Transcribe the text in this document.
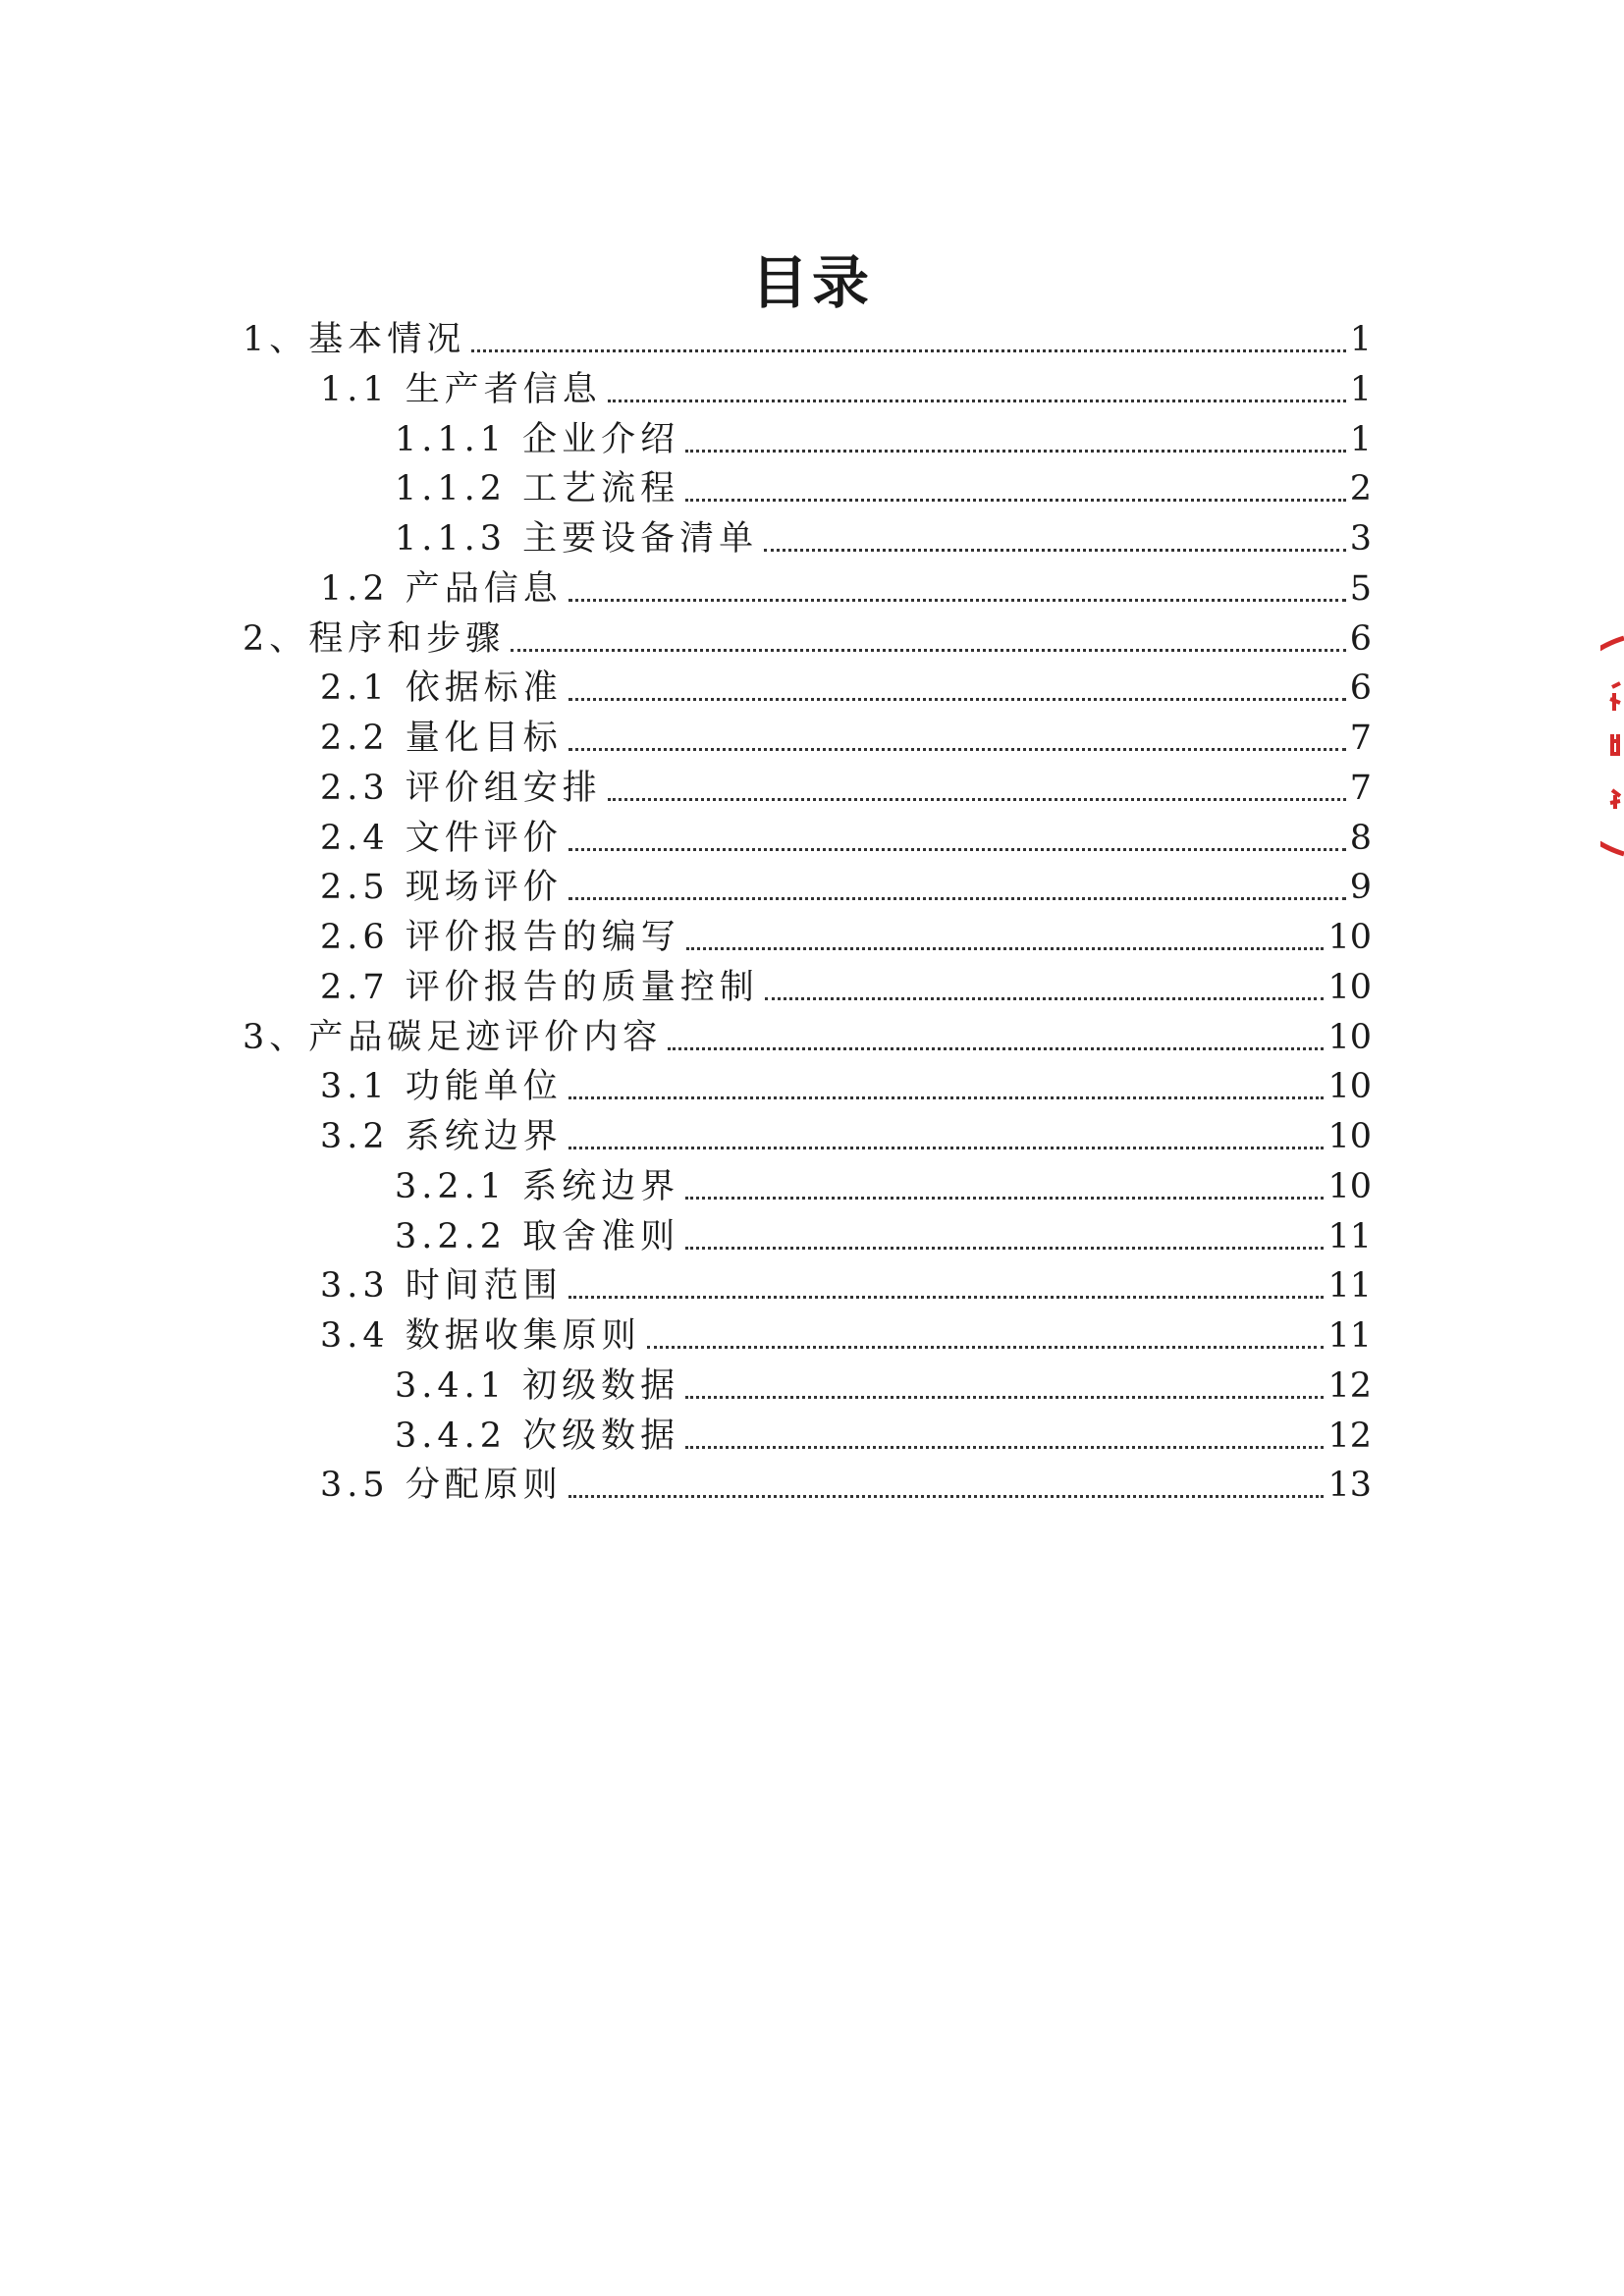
目录
1、基本情况	1
1.1 生产者信息	1
1.1.1 企业介绍	1
1.1.2 工艺流程	2
1.1.3 主要设备清单	3
1.2 产品信息	5
2、程序和步骤	6
2.1 依据标准	6
2.2 量化目标	7
2.3 评价组安排	7
2.4 文件评价	8
2.5 现场评价	9
2.6 评价报告的编写	10
2.7 评价报告的质量控制	10
3、产品碳足迹评价内容	10
3.1 功能单位	10
3.2 系统边界	10
3.2.1 系统边界	10
3.2.2 取舍准则	11
3.3 时间范围	11
3.4 数据收集原则	11
3.4.1 初级数据	12
3.4.2 次级数据	12
3.5 分配原则	13
